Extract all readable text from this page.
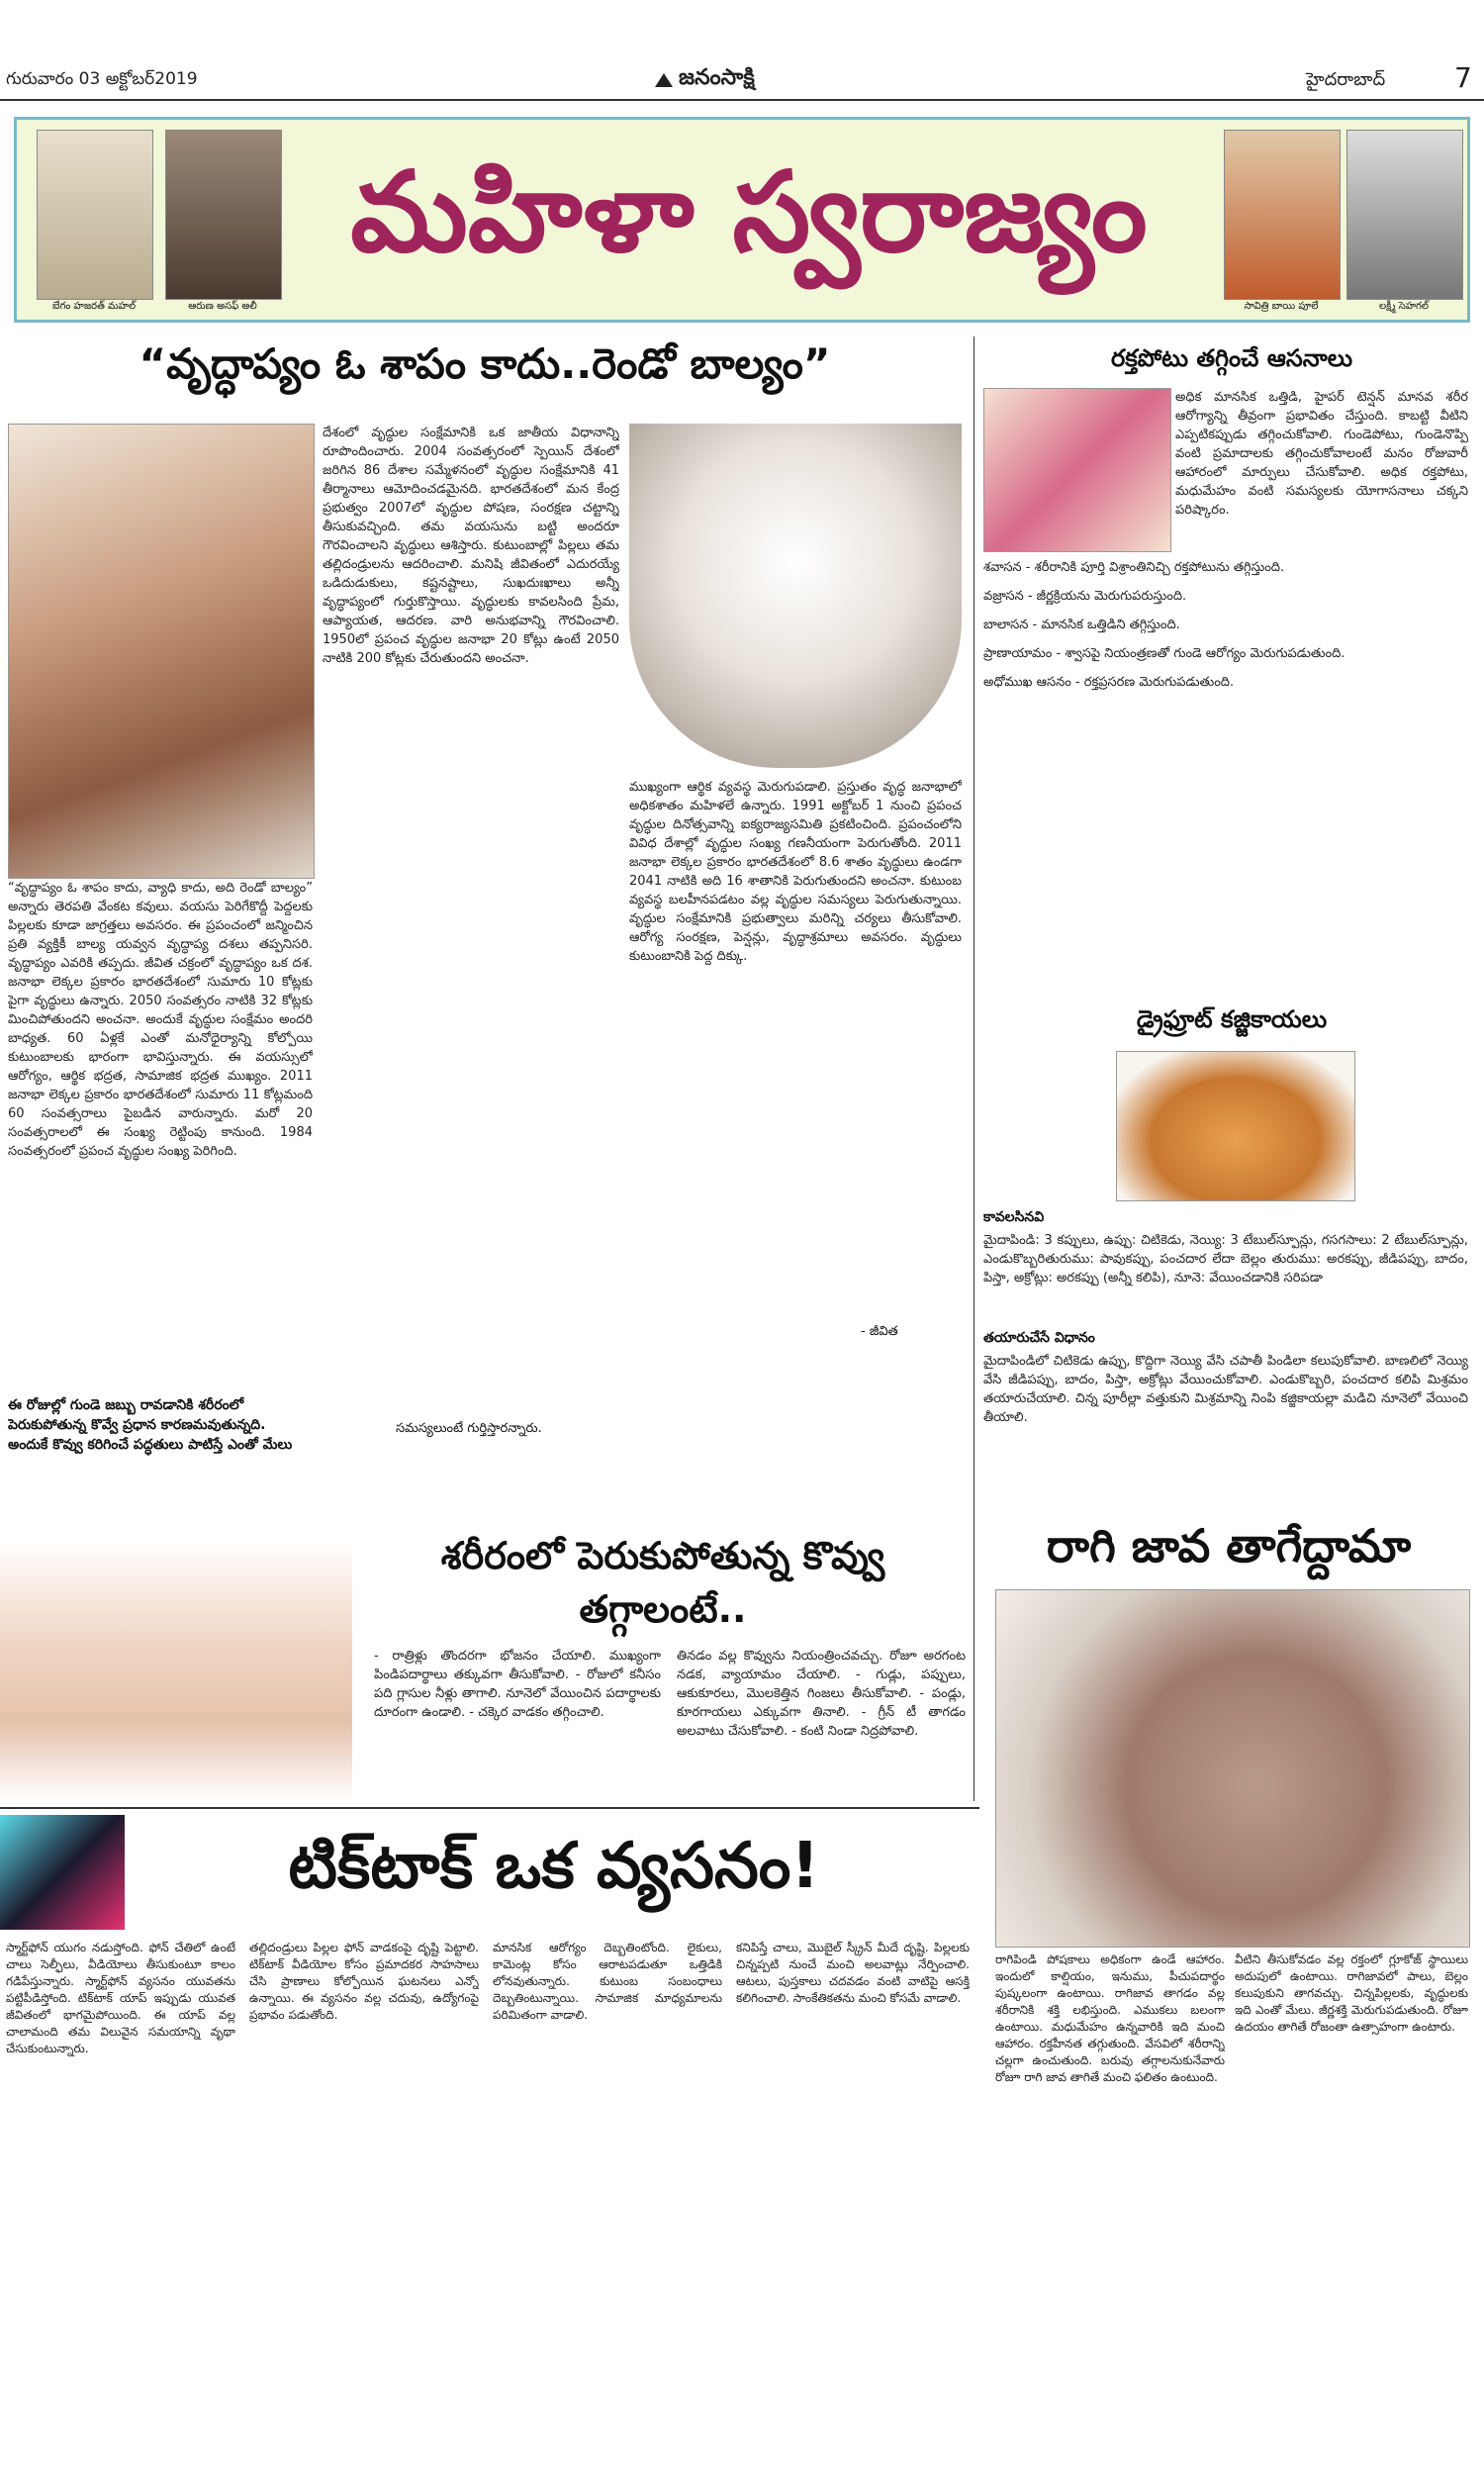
గురువారం 03 అక్టోబర్2019	జనంసాక్షి	హైదరాబాద్ 7
బేగం హజరత్ మహల్	ఆరుణ అసఫ్ అలీ
మహిళా స్వరాజ్యం
సావిత్రి బాయి పూలే	లక్ష్మీ సెహగల్
“వృద్ధాప్యం ఓ శాపం కాదు..రెండో బాల్యం”
“వృద్ధాప్యం ఓ శాపం కాదు, వ్యాధి కాదు, అది రెండో బాల్యం” అన్నారు తెరపతి వేంకట కవులు. వయసు పెరిగేకొద్దీ పెద్దలకు పిల్లలకు కూడా జాగ్రత్తలు అవసరం. ఈ ప్రపంచంలో జన్మించిన ప్రతి వ్యక్తికీ బాల్య యవ్వన వృద్ధాప్య దశలు తప్పనిసరి. వృద్ధాప్యం ఎవరికి తప్పదు. జీవిత చక్రంలో వృద్ధాప్యం ఒక దశ. జనాభా లెక్కల ప్రకారం భారతదేశంలో సుమారు 10 కోట్లకు పైగా వృద్ధులు ఉన్నారు. 2050 సంవత్సరం నాటికి 32 కోట్లకు మించిపోతుందని అంచనా. అందుకే వృద్ధుల సంక్షేమం అందరి బాధ్యత. 60 ఏళ్లకే ఎంతో మనోధైర్యాన్ని కోల్పోయి కుటుంబాలకు భారంగా భావిస్తున్నారు. ఈ వయస్సులో ఆరోగ్యం, ఆర్థిక భద్రత, సామాజిక భద్రత ముఖ్యం. 2011 జనాభా లెక్కల ప్రకారం భారతదేశంలో సుమారు 11 కోట్లమంది 60 సంవత్సరాలు పైబడిన వారున్నారు. మరో 20 సంవత్సరాలలో ఈ సంఖ్య రెట్టింపు కానుంది. 1984 సంవత్సరంలో ప్రపంచ వృద్ధుల సంఖ్య పెరిగింది.
ఈ రోజుల్లో గుండె జబ్బు రావడానికి శరీరంలో పెరుకుపోతున్న కొవ్వే ప్రధాన కారణమవుతున్నది. అందుకే కొవ్వు కరిగించే పద్ధతులు పాటిస్తే ఎంతో మేలు
దేశంలో వృద్ధుల సంక్షేమానికి ఒక జాతీయ విధానాన్ని రూపొందించారు. 2004 సంవత్సరంలో స్పెయిన్ దేశంలో జరిగిన 86 దేశాల సమ్మేళనంలో వృద్ధుల సంక్షేమానికి 41 తీర్మానాలు ఆమోదించడమైనది. భారతదేశంలో మన కేంద్ర ప్రభుత్వం 2007లో వృద్ధుల పోషణ, సంరక్షణ చట్టాన్ని తీసుకువచ్చింది. తమ వయసును బట్టి అందరూ గౌరవించాలని వృద్ధులు ఆశిస్తారు. కుటుంబాల్లో పిల్లలు తమ తల్లిదండ్రులను ఆదరించాలి. మనిషి జీవితంలో ఎదురయ్యే ఒడిదుడుకులు, కష్టనష్టాలు, సుఖదుఃఖాలు అన్నీ వృద్ధాప్యంలో గుర్తుకొస్తాయి. వృద్ధులకు కావలసింది ప్రేమ, ఆప్యాయత, ఆదరణ. వారి అనుభవాన్ని గౌరవించాలి. 1950లో ప్రపంచ వృద్ధుల జనాభా 20 కోట్లు ఉంటే 2050 నాటికి 200 కోట్లకు చేరుతుందని అంచనా.
ముఖ్యంగా ఆర్థిక వ్యవస్థ మెరుగుపడాలి. ప్రస్తుతం వృద్ధ జనాభాలో అధికశాతం మహిళలే ఉన్నారు. 1991 అక్టోబర్ 1 నుంచి ప్రపంచ వృద్ధుల దినోత్సవాన్ని ఐక్యరాజ్యసమితి ప్రకటించింది. ప్రపంచంలోని వివిధ దేశాల్లో వృద్ధుల సంఖ్య గణనీయంగా పెరుగుతోంది. 2011 జనాభా లెక్కల ప్రకారం భారతదేశంలో 8.6 శాతం వృద్ధులు ఉండగా 2041 నాటికి అది 16 శాతానికి పెరుగుతుందని అంచనా. కుటుంబ వ్యవస్థ బలహీనపడటం వల్ల వృద్ధుల సమస్యలు పెరుగుతున్నాయి. వృద్ధుల సంక్షేమానికి ప్రభుత్వాలు మరిన్ని చర్యలు తీసుకోవాలి. ఆరోగ్య సంరక్షణ, పెన్షన్లు, వృద్ధాశ్రమాలు అవసరం. వృద్ధులు కుటుంబానికి పెద్ద దిక్కు.
- జీవిత
సమస్యలుంటే గుర్తిస్తారన్నారు.
రక్తపోటు తగ్గించే ఆసనాలు
అధిక మానసిక ఒత్తిడి, హైపర్ టెన్షన్ మానవ శరీర ఆరోగ్యాన్ని తీవ్రంగా ప్రభావితం చేస్తుంది. కాబట్టి వీటిని ఎప్పటికప్పుడు తగ్గించుకోవాలి. గుండెపోటు, గుండెనొప్పి వంటి ప్రమాదాలకు తగ్గించుకోవాలంటే మనం రోజువారీ ఆహారంలో మార్పులు చేసుకోవాలి. అధిక రక్తపోటు, మధుమేహం వంటి సమస్యలకు యోగాసనాలు చక్కని పరిష్కారం.
శవాసన - శరీరానికి పూర్తి విశ్రాంతినిచ్చి రక్తపోటును తగ్గిస్తుంది.
వజ్రాసన - జీర్ణక్రియను మెరుగుపరుస్తుంది.
బాలాసన - మానసిక ఒత్తిడిని తగ్గిస్తుంది.
ప్రాణాయామం - శ్వాసపై నియంత్రణతో గుండె ఆరోగ్యం మెరుగుపడుతుంది.
అధోముఖ ఆసనం - రక్తప్రసరణ మెరుగుపడుతుంది.
డ్రైఫ్రూట్ కజ్జికాయలు
కావలసినవి
మైదాపిండి: 3 కప్పులు, ఉప్పు: చిటికెడు, నెయ్యి: 3 టేబుల్‌స్పూన్లు, గసగసాలు: 2 టేబుల్‌స్పూన్లు, ఎండుకొబ్బరితురుము: పావుకప్పు, పంచదార లేదా బెల్లం తురుము: అరకప్పు, జీడిపప్పు, బాదం, పిస్తా, అక్రోట్లు: అరకప్పు (అన్నీ కలిపి), నూనె: వేయించడానికి సరిపడా
తయారుచేసే విధానం
మైదాపిండిలో చిటికెడు ఉప్పు, కొద్దిగా నెయ్యి వేసి చపాతీ పిండిలా కలుపుకోవాలి. బాణలిలో నెయ్యి వేసి జీడిపప్పు, బాదం, పిస్తా, అక్రోట్లు వేయించుకోవాలి. ఎండుకొబ్బరి, పంచదార కలిపి మిశ్రమం తయారుచేయాలి. చిన్న పూరీల్లా వత్తుకుని మిశ్రమాన్ని నింపి కజ్జికాయల్లా మడిచి నూనెలో వేయించి తీయాలి.
రాగి జావ తాగేద్దామా
రాగిపిండి పోషకాలు అధికంగా ఉండే ఆహారం. ఇందులో కాల్షియం, ఇనుము, పీచుపదార్థం పుష్కలంగా ఉంటాయి. రాగిజావ తాగడం వల్ల శరీరానికి శక్తి లభిస్తుంది. ఎముకలు బలంగా ఉంటాయి. మధుమేహం ఉన్నవారికి ఇది మంచి ఆహారం. రక్తహీనత తగ్గుతుంది. వేసవిలో శరీరాన్ని చల్లగా ఉంచుతుంది. బరువు తగ్గాలనుకునేవారు రోజూ రాగి జావ తాగితే మంచి ఫలితం ఉంటుంది.
వీటిని తీసుకోవడం వల్ల రక్తంలో గ్లూకోజ్ స్థాయిలు అదుపులో ఉంటాయి. రాగిజావలో పాలు, బెల్లం కలుపుకుని తాగవచ్చు. చిన్నపిల్లలకు, వృద్ధులకు ఇది ఎంతో మేలు. జీర్ణశక్తి మెరుగుపడుతుంది. రోజూ ఉదయం తాగితే రోజంతా ఉత్సాహంగా ఉంటారు.
శరీరంలో పెరుకుపోతున్న కొవ్వు
తగ్గాలంటే..
- రాత్రిళ్లు తొందరగా భోజనం చేయాలి. ముఖ్యంగా పిండిపదార్థాలు తక్కువగా తీసుకోవాలి. - రోజులో కనీసం పది గ్లాసుల నీళ్లు తాగాలి. నూనెలో వేయించిన పదార్థాలకు దూరంగా ఉండాలి. - చక్కెర వాడకం తగ్గించాలి.
తినడం వల్ల కొవ్వును నియంత్రించవచ్చు. రోజూ అరగంట నడక, వ్యాయామం చేయాలి. - గుడ్లు, పప్పులు, ఆకుకూరలు, మొలకెత్తిన గింజలు తీసుకోవాలి. - పండ్లు, కూరగాయలు ఎక్కువగా తినాలి. - గ్రీన్ టీ తాగడం అలవాటు చేసుకోవాలి. - కంటి నిండా నిద్రపోవాలి.
టిక్‌టాక్ ఒక వ్యసనం!
స్మార్ట్‌ఫోన్ యుగం నడుస్తోంది. ఫోన్ చేతిలో ఉంటే చాలు సెల్ఫీలు, వీడియోలు తీసుకుంటూ కాలం గడిపేస్తున్నారు. స్మార్ట్‌ఫోన్ వ్యసనం యువతను పట్టిపీడిస్తోంది. టిక్‌టాక్ యాప్ ఇప్పుడు యువత జీవితంలో భాగమైపోయింది. ఈ యాప్ వల్ల చాలామంది తమ విలువైన సమయాన్ని వృథా చేసుకుంటున్నారు.
తల్లిదండ్రులు పిల్లల ఫోన్ వాడకంపై దృష్టి పెట్టాలి. టిక్‌టాక్ వీడియోల కోసం ప్రమాదకర సాహసాలు చేసి ప్రాణాలు కోల్పోయిన ఘటనలు ఎన్నో ఉన్నాయి. ఈ వ్యసనం వల్ల చదువు, ఉద్యోగంపై ప్రభావం పడుతోంది.
మానసిక ఆరోగ్యం దెబ్బతింటోంది. లైకులు, కామెంట్ల కోసం ఆరాటపడుతూ ఒత్తిడికి లోనవుతున్నారు. కుటుంబ సంబంధాలు దెబ్బతింటున్నాయి. సామాజిక మాధ్యమాలను పరిమితంగా వాడాలి.
కనిపిస్తే చాలు, మొబైల్ స్క్రీన్ మీదే దృష్టి. పిల్లలకు చిన్నప్పటి నుంచే మంచి అలవాట్లు నేర్పించాలి. ఆటలు, పుస్తకాలు చదవడం వంటి వాటిపై ఆసక్తి కలిగించాలి. సాంకేతికతను మంచి కోసమే వాడాలి.
